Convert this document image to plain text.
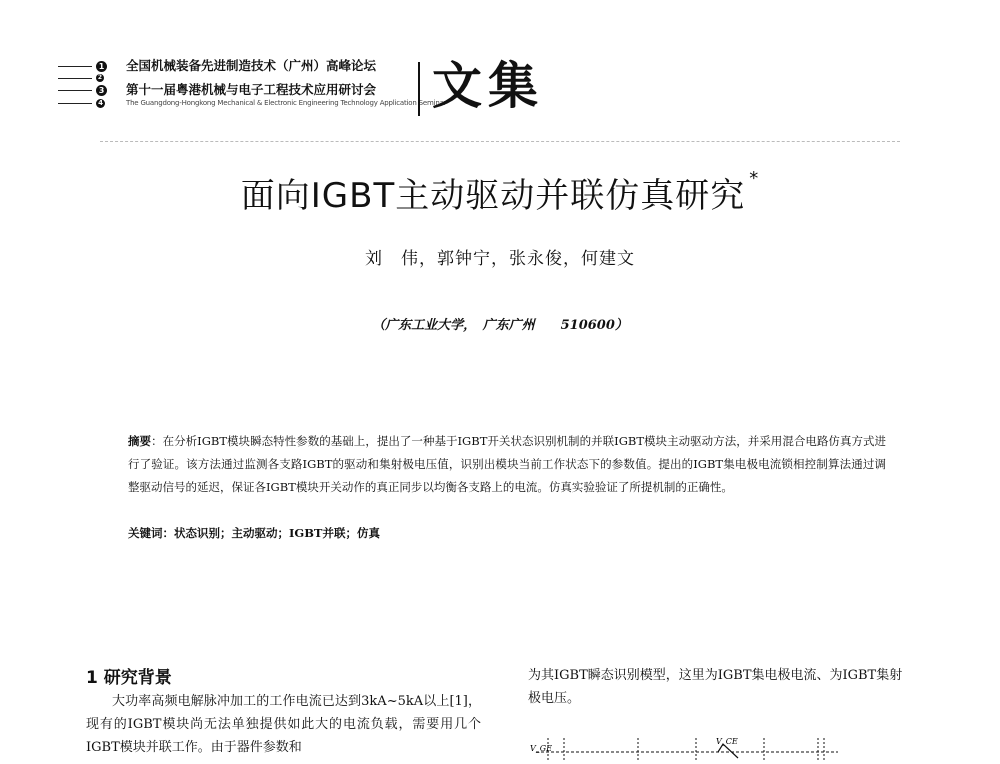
1
2
3
4
全国机械装备先进制造技术（广州）高峰论坛
第十一届粤港机械与电子工程技术应用研讨会
The Guangdong-Hongkong Mechanical & Electronic Engineering Technology Application Seminar
文集
面向IGBT主动驱动并联仿真研究 *
刘　伟，郭钟宁，张永俊，何建文
（广东工业大学，　广东广州　　510600）
摘要：在分析IGBT模块瞬态特性参数的基础上，提出了一种基于IGBT开关状态识别机制的并联IGBT模块主动驱动方法，并采用混合电路仿真方式进行了验证。该方法通过监测各支路IGBT的驱动和集射极电压值，识别出模块当前工作状态下的参数值。提出的IGBT集电极电流锁相控制算法通过调整驱动信号的延迟，保证各IGBT模块开关动作的真正同步以均衡各支路上的电流。仿真实验验证了所提机制的正确性。
关键词：状态识别；主动驱动；IGBT并联；仿真
1 研究背景
大功率高频电解脉冲加工的工作电流已达到3kA~5kA以上[1]，现有的IGBT模块尚无法单独提供如此大的电流负载，需要用几个IGBT模块并联工作。由于器件参数和
为其IGBT瞬态识别模型，这里为IGBT集电极电流、为IGBT集射极电压。
V_GE
V_CE
